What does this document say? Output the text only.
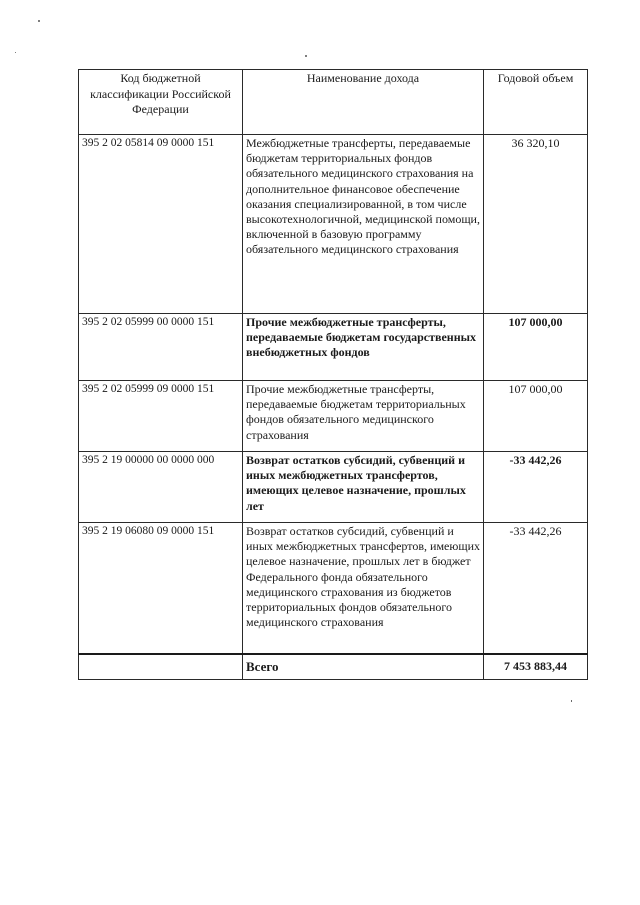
Код бюджетной классификации Российской Федерации	Наименование дохода	Годовой объем
395 2 02 05814 09 0000 151	Межбюджетные трансферты, передаваемые бюджетам территориальных фондов обязательного медицинского страхования на дополнительное финансовое обеспечение оказания специализированной, в том числе высокотехнологичной, медицинской помощи, включенной в базовую программу обязательного медицинского страхования	36 320,10
395 2 02 05999 00 0000 151	Прочие межбюджетные трансферты, передаваемые бюджетам государственных внебюджетных фондов	107 000,00
395 2 02 05999 09 0000 151	Прочие межбюджетные трансферты, передаваемые бюджетам территориальных фондов обязательного медицинского страхования	107 000,00
395 2 19 00000 00 0000 000	Возврат остатков субсидий, субвенций и иных межбюджетных трансфертов, имеющих целевое назначение, прошлых лет	-33 442,26
395 2 19 06080 09 0000 151	Возврат остатков субсидий, субвенций и иных межбюджетных трансфертов, имеющих целевое назначение, прошлых лет в бюджет Федерального фонда обязательного медицинского страхования из бюджетов территориальных фондов обязательного медицинского страхования	-33 442,26
	Всего	7 453 883,44
